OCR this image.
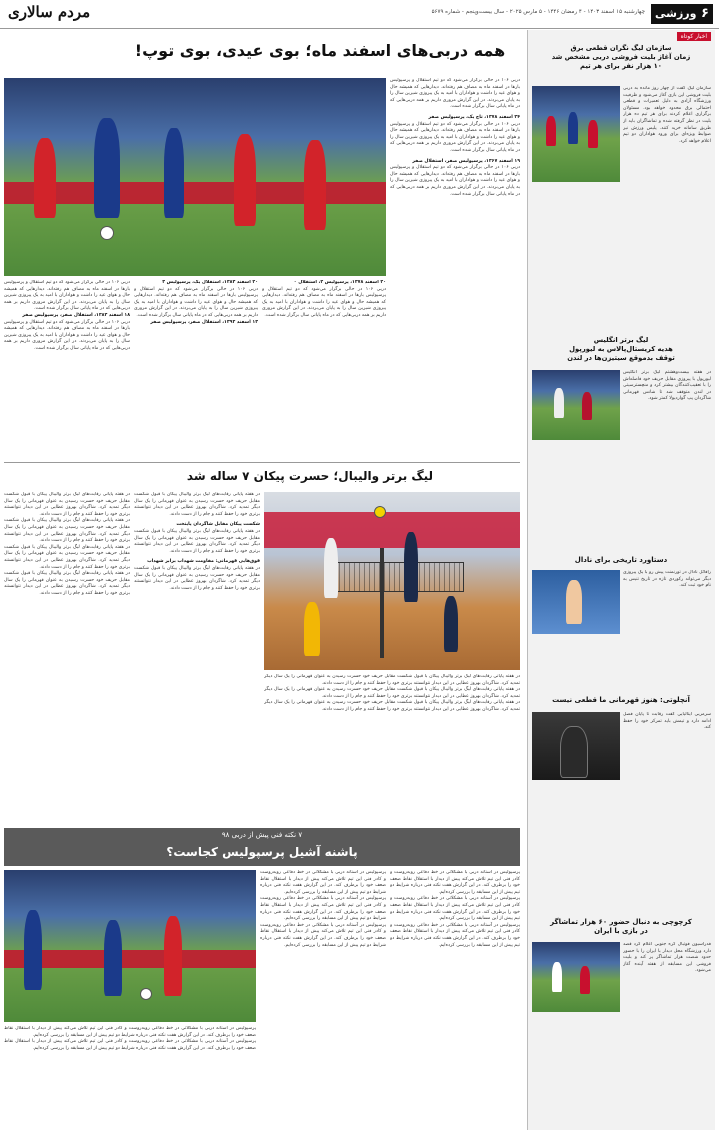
۶ ورزشی
چهارشنبه ۱۵ اسفند ۱۴۰۳ - ۴ رمضان ۱۴۴۶ - ۵ مارس ۲۰۲۵ - سال بیست‌وپنجم - شماره ۵۶۷۹
مردم سالاری
اخبار کوتاه
سازمان لیگ نگران قطعی برق
زمان آغاز بلیت فروشی دربی مشخص شد
۱۰ هزار نفر برای هر تیم
سازمان لیگ گفت از چهار روز مانده به دربی بلیت فروشی این بازی آغاز می‌شود و ظرفیت ورزشگاه آزادی به دلیل تعمیرات و قطعی احتمالی برق محدود خواهد بود. مسئولان برگزاری اعلام کردند برای هر تیم ده هزار بلیت در نظر گرفته شده و تماشاگران باید از طریق سامانه خرید کنند. پلیس ورزش نیز ضوابط ویژه‌ای برای ورود هواداران دو تیم اعلام خواهد کرد.
لیگ برتر انگلیس
هدیه کریستال‌پالاس به لیورپول
توقف بدموقع سیتیزن‌ها در لندن
در هفته بیست‌وهشتم لیگ برتر انگلیس لیورپول با پیروزی مقابل حریف خود فاصله‌اش را با تعقیب‌کنندگان بیشتر کرد و منچسترسیتی در لندن متوقف شد تا شانس قهرمانی شاگردان پپ گواردیولا کمتر شود.
دستاورد تاریخی برای نادال
رافائل نادال در تورنمنت پیش رو با یک پیروزی دیگر می‌تواند رکوردی تازه در تاریخ تنیس به نام خود ثبت کند.
آنچلوتی: هنوز قهرمانی ما قطعی نیست
سرمربی ایتالیایی گفت رقابت تا پایان فصل ادامه دارد و تیمش باید تمرکز خود را حفظ کند.
کرچوچی به دنبال حضور ۶۰ هزار تماشاگر
در بازی با ایران
فدراسیون فوتبال کره جنوبی اعلام کرد قصد دارد ورزشگاه محل دیدار با ایران را با حضور حدود شصت هزار تماشاگر پر کند و بلیت فروشی این مسابقه از هفته آینده آغاز می‌شود.
همه دربی‌های اسفند ماه؛ بوی عیدی، بوی توپ!

دربی ۱۰۶ در حالی برگزار می‌شود که دو تیم استقلال و پرسپولیس بارها در اسفند ماه به مصاف هم رفته‌اند. دیدارهایی که همیشه حال و هوای عید را داشت و هواداران با امید به یک پیروزی شیرین سال را به پایان می‌بردند. در این گزارش مروری داریم بر همه دربی‌هایی که در ماه پایانی سال برگزار شده است.

۲۴ اسفند ۱۳۷۸، تاج یک، پرسپولیس صفر

دربی ۱۰۶ در حالی برگزار می‌شود که دو تیم استقلال و پرسپولیس بارها در اسفند ماه به مصاف هم رفته‌اند. دیدارهایی که همیشه حال و هوای عید را داشت و هواداران با امید به یک پیروزی شیرین سال را به پایان می‌بردند. در این گزارش مروری داریم بر همه دربی‌هایی که در ماه پایانی سال برگزار شده است.

۱۹ اسفند ۱۳۶۷، پرسپولیس صفر، استقلال صفر

دربی ۱۰۶ در حالی برگزار می‌شود که دو تیم استقلال و پرسپولیس بارها در اسفند ماه به مصاف هم رفته‌اند. دیدارهایی که همیشه حال و هوای عید را داشت و هواداران با امید به یک پیروزی شیرین سال را به پایان می‌بردند. در این گزارش مروری داریم بر همه دربی‌هایی که در ماه پایانی سال برگزار شده است.

۲۰ اسفند ۱۳۷۸، پرسپولیس ۲، استقلال ۰

دربی ۱۰۶ در حالی برگزار می‌شود که دو تیم استقلال و پرسپولیس بارها در اسفند ماه به مصاف هم رفته‌اند. دیدارهایی که همیشه حال و هوای عید را داشت و هواداران با امید به یک پیروزی شیرین سال را به پایان می‌بردند. در این گزارش مروری داریم بر همه دربی‌هایی که در ماه پایانی سال برگزار شده است.

۲۰ اسفند ۱۳۸۳، استقلال یک، پرسپولیس ۳

دربی ۱۰۶ در حالی برگزار می‌شود که دو تیم استقلال و پرسپولیس بارها در اسفند ماه به مصاف هم رفته‌اند. دیدارهایی که همیشه حال و هوای عید را داشت و هواداران با امید به یک پیروزی شیرین سال را به پایان می‌بردند. در این گزارش مروری داریم بر همه دربی‌هایی که در ماه پایانی سال برگزار شده است.

۱۳ اسفند ۱۳۹۲، استقلال صفر، پرسپولیس صفر

دربی ۱۰۶ در حالی برگزار می‌شود که دو تیم استقلال و پرسپولیس بارها در اسفند ماه به مصاف هم رفته‌اند. دیدارهایی که همیشه حال و هوای عید را داشت و هواداران با امید به یک پیروزی شیرین سال را به پایان می‌بردند. در این گزارش مروری داریم بر همه دربی‌هایی که در ماه پایانی سال برگزار شده است.

۱۸ اسفند ۱۳۸۳، استقلال صفر، پرسپولیس صفر

دربی ۱۰۶ در حالی برگزار می‌شود که دو تیم استقلال و پرسپولیس بارها در اسفند ماه به مصاف هم رفته‌اند. دیدارهایی که همیشه حال و هوای عید را داشت و هواداران با امید به یک پیروزی شیرین سال را به پایان می‌بردند. در این گزارش مروری داریم بر همه دربی‌هایی که در ماه پایانی سال برگزار شده است.

لیگ برتر والیبال؛ حسرت پیکان ۷ ساله شد

در هفته پایانی رقابت‌های لیگ برتر والیبال پیکان با قبول شکست مقابل حریف خود حسرت رسیدن به عنوان قهرمانی را یک سال دیگر تمدید کرد. شاگردان بهروز عطایی در این دیدار نتوانستند برتری خود را حفظ کنند و جام را از دست دادند.

در هفته پایانی رقابت‌های لیگ برتر والیبال پیکان با قبول شکست مقابل حریف خود حسرت رسیدن به عنوان قهرمانی را یک سال دیگر تمدید کرد. شاگردان بهروز عطایی در این دیدار نتوانستند برتری خود را حفظ کنند و جام را از دست دادند.

در هفته پایانی رقابت‌های لیگ برتر والیبال پیکان با قبول شکست مقابل حریف خود حسرت رسیدن به عنوان قهرمانی را یک سال دیگر تمدید کرد. شاگردان بهروز عطایی در این دیدار نتوانستند برتری خود را حفظ کنند و جام را از دست دادند.

در هفته پایانی رقابت‌های لیگ برتر والیبال پیکان با قبول شکست مقابل حریف خود حسرت رسیدن به عنوان قهرمانی را یک سال دیگر تمدید کرد. شاگردان بهروز عطایی در این دیدار نتوانستند برتری خود را حفظ کنند و جام را از دست دادند.

شکست پیکان مقابل شاگردان پایتخت

در هفته پایانی رقابت‌های لیگ برتر والیبال پیکان با قبول شکست مقابل حریف خود حسرت رسیدن به عنوان قهرمانی را یک سال دیگر تمدید کرد. شاگردان بهروز عطایی در این دیدار نتوانستند برتری خود را حفظ کنند و جام را از دست دادند.

فوق‌هایی قهرمانی: مقاومت شهداب برابر شهداب

در هفته پایانی رقابت‌های لیگ برتر والیبال پیکان با قبول شکست مقابل حریف خود حسرت رسیدن به عنوان قهرمانی را یک سال دیگر تمدید کرد. شاگردان بهروز عطایی در این دیدار نتوانستند برتری خود را حفظ کنند و جام را از دست دادند.

در هفته پایانی رقابت‌های لیگ برتر والیبال پیکان با قبول شکست مقابل حریف خود حسرت رسیدن به عنوان قهرمانی را یک سال دیگر تمدید کرد. شاگردان بهروز عطایی در این دیدار نتوانستند برتری خود را حفظ کنند و جام را از دست دادند.

در هفته پایانی رقابت‌های لیگ برتر والیبال پیکان با قبول شکست مقابل حریف خود حسرت رسیدن به عنوان قهرمانی را یک سال دیگر تمدید کرد. شاگردان بهروز عطایی در این دیدار نتوانستند برتری خود را حفظ کنند و جام را از دست دادند.

در هفته پایانی رقابت‌های لیگ برتر والیبال پیکان با قبول شکست مقابل حریف خود حسرت رسیدن به عنوان قهرمانی را یک سال دیگر تمدید کرد. شاگردان بهروز عطایی در این دیدار نتوانستند برتری خود را حفظ کنند و جام را از دست دادند.

در هفته پایانی رقابت‌های لیگ برتر والیبال پیکان با قبول شکست مقابل حریف خود حسرت رسیدن به عنوان قهرمانی را یک سال دیگر تمدید کرد. شاگردان بهروز عطایی در این دیدار نتوانستند برتری خود را حفظ کنند و جام را از دست دادند.

۷ نکته فنی پیش از دربی ۹۸
پاشنه آشیل پرسپولیس کجاست؟

پرسپولیس در آستانه دربی با مشکلاتی در خط دفاعی روبه‌روست و کادر فنی این تیم تلاش می‌کند پیش از دیدار با استقلال نقاط ضعف خود را برطرف کند. در این گزارش هفت نکته فنی درباره شرایط دو تیم پیش از این مسابقه را بررسی کرده‌ایم.

پرسپولیس در آستانه دربی با مشکلاتی در خط دفاعی روبه‌روست و کادر فنی این تیم تلاش می‌کند پیش از دیدار با استقلال نقاط ضعف خود را برطرف کند. در این گزارش هفت نکته فنی درباره شرایط دو تیم پیش از این مسابقه را بررسی کرده‌ایم.

پرسپولیس در آستانه دربی با مشکلاتی در خط دفاعی روبه‌روست و کادر فنی این تیم تلاش می‌کند پیش از دیدار با استقلال نقاط ضعف خود را برطرف کند. در این گزارش هفت نکته فنی درباره شرایط دو تیم پیش از این مسابقه را بررسی کرده‌ایم.

پرسپولیس در آستانه دربی با مشکلاتی در خط دفاعی روبه‌روست و کادر فنی این تیم تلاش می‌کند پیش از دیدار با استقلال نقاط ضعف خود را برطرف کند. در این گزارش هفت نکته فنی درباره شرایط دو تیم پیش از این مسابقه را بررسی کرده‌ایم.

پرسپولیس در آستانه دربی با مشکلاتی در خط دفاعی روبه‌روست و کادر فنی این تیم تلاش می‌کند پیش از دیدار با استقلال نقاط ضعف خود را برطرف کند. در این گزارش هفت نکته فنی درباره شرایط دو تیم پیش از این مسابقه را بررسی کرده‌ایم.

پرسپولیس در آستانه دربی با مشکلاتی در خط دفاعی روبه‌روست و کادر فنی این تیم تلاش می‌کند پیش از دیدار با استقلال نقاط ضعف خود را برطرف کند. در این گزارش هفت نکته فنی درباره شرایط دو تیم پیش از این مسابقه را بررسی کرده‌ایم.

پرسپولیس در آستانه دربی با مشکلاتی در خط دفاعی روبه‌روست و کادر فنی این تیم تلاش می‌کند پیش از دیدار با استقلال نقاط ضعف خود را برطرف کند. در این گزارش هفت نکته فنی درباره شرایط دو تیم پیش از این مسابقه را بررسی کرده‌ایم.

پرسپولیس در آستانه دربی با مشکلاتی در خط دفاعی روبه‌روست و کادر فنی این تیم تلاش می‌کند پیش از دیدار با استقلال نقاط ضعف خود را برطرف کند. در این گزارش هفت نکته فنی درباره شرایط دو تیم پیش از این مسابقه را بررسی کرده‌ایم.
